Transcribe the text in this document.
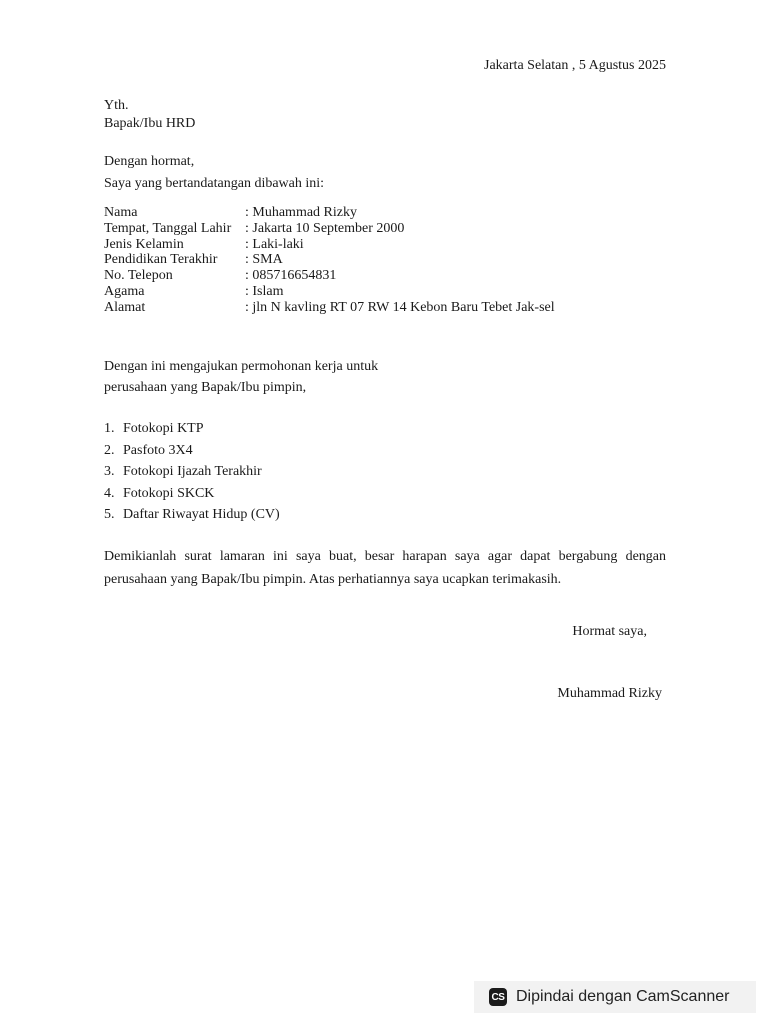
Jakarta Selatan , 5 Agustus 2025
Yth.
Bapak/Ibu HRD
Dengan hormat,
Saya yang bertandatangan dibawah ini:
Nama	: Muhammad Rizky
Tempat, Tanggal Lahir	: Jakarta 10 September 2000
Jenis Kelamin	: Laki-laki
Pendidikan Terakhir	: SMA
No. Telepon	: 085716654831
Agama	: Islam
Alamat	: jln N kavling RT 07 RW 14 Kebon Baru Tebet Jak-sel
Dengan ini mengajukan permohonan kerja untuk
perusahaan yang Bapak/Ibu pimpin,
1. Fotokopi KTP
2. Pasfoto 3X4
3. Fotokopi Ijazah Terakhir
4. Fotokopi SKCK
5. Daftar Riwayat Hidup (CV)
Demikianlah surat lamaran ini saya buat, besar harapan saya agar dapat bergabung dengan
perusahaan yang Bapak/Ibu pimpin. Atas perhatiannya saya ucapkan terimakasih.
Hormat saya,
Muhammad Rizky
CS Dipindai dengan CamScanner
